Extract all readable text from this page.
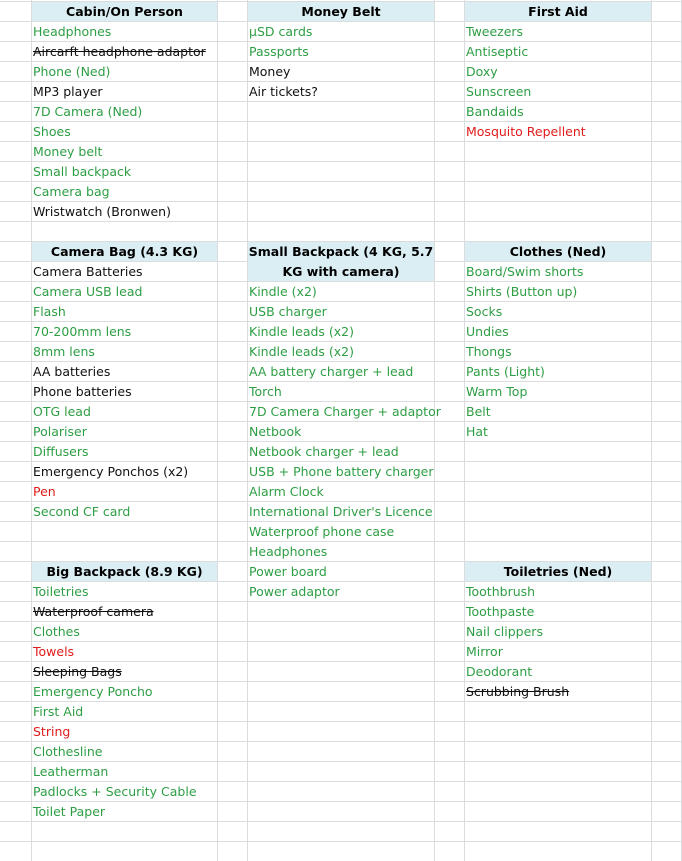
Cabin/On Person
Headphones
Aircarft headphone adaptor
Phone (Ned)
MP3 player
7D Camera (Ned)
Shoes
Money belt
Small backpack
Camera bag
Wristwatch (Bronwen)
Money Belt
µSD cards
Passports
Money
Air tickets?
First Aid
Tweezers
Antiseptic
Doxy
Sunscreen
Bandaids
Mosquito Repellent
Camera Bag (4.3 KG)
Camera Batteries
Camera USB lead
Flash
70-200mm lens
8mm lens
AA batteries
Phone batteries
OTG lead
Polariser
Diffusers
Emergency Ponchos (x2)
Pen
Second CF card
Small Backpack (4 KG, 5.7 KG with camera)
Kindle (x2)
USB charger
Kindle leads (x2)
Kindle leads (x2)
AA battery charger + lead
Torch
7D Camera Charger + adaptor
Netbook
Netbook charger + lead
USB + Phone battery charger
Alarm Clock
International Driver's Licence
Waterproof phone case
Headphones
Power board
Power adaptor
Clothes (Ned)
Board/Swim shorts
Shirts (Button up)
Socks
Undies
Thongs
Pants (Light)
Warm Top
Belt
Hat
Big Backpack (8.9 KG)
Toiletries
Waterproof camera
Clothes
Towels
Sleeping Bags
Emergency Poncho
First Aid
String
Clothesline
Leatherman
Padlocks + Security Cable
Toilet Paper
Toiletries (Ned)
Toothbrush
Toothpaste
Nail clippers
Mirror
Deodorant
Scrubbing Brush
